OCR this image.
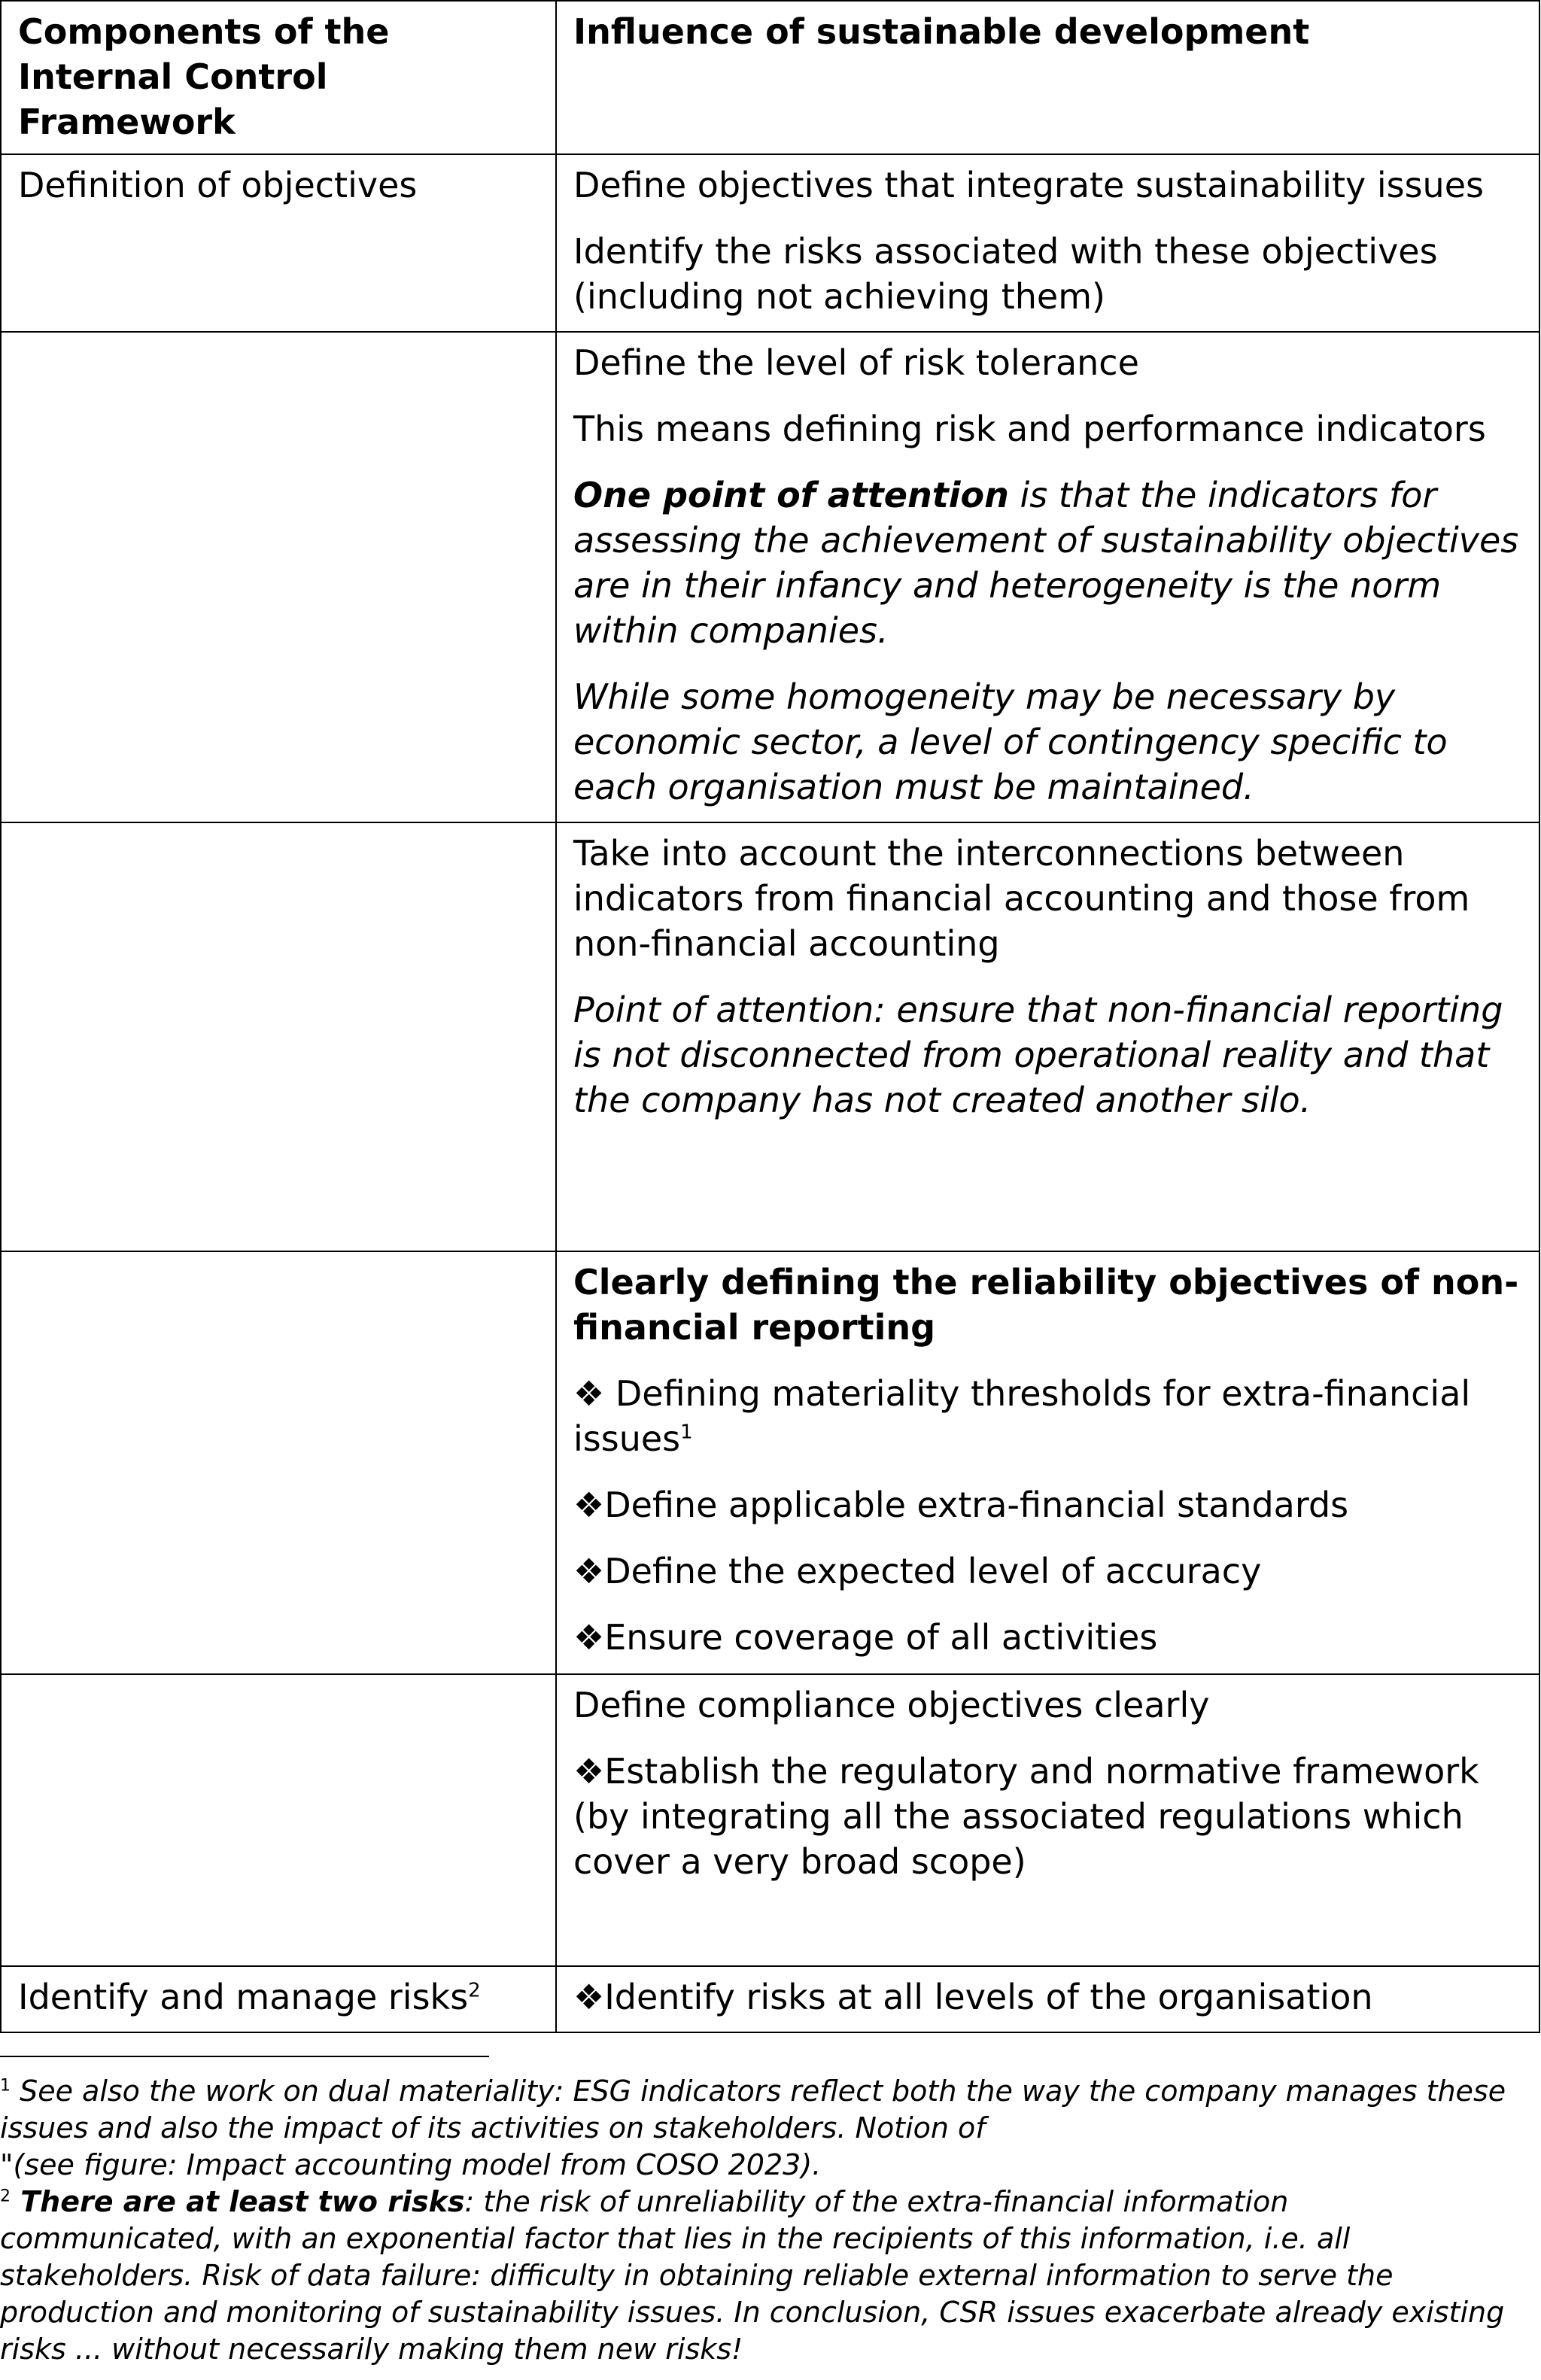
Components of the Internal Control Framework	Influence of sustainable development
Definition of objectives	Define objectives that integrate sustainability issues

Identify the risks associated with these objectives (including not achieving them)

	Define the level of risk tolerance

This means defining risk and performance indicators

One point of attention is that the indicators for assessing the achievement of sustainability objectives are in their infancy and heterogeneity is the norm within companies.

While some homogeneity may be necessary by economic sector, a level of contingency specific to each organisation must be maintained.

	Take into account the interconnections between indicators from financial accounting and those from non-financial accounting

Point of attention: ensure that non-financial reporting is not disconnected from operational reality and that the company has not created another silo.

	Clearly defining the reliability objectives of non-financial reporting

❖ Defining materiality thresholds for extra-financial issues$^1$

❖Define applicable extra-financial standards

❖Define the expected level of accuracy

❖Ensure coverage of all activities

	Define compliance objectives clearly

❖Establish the regulatory and normative framework (by integrating all the associated regulations which cover a very broad scope)

Identify and manage risks$^2$	❖Identify risks at all levels of the organisation

$^1$ See also the work on dual materiality: ESG indicators reflect both the way the company manages these issues and also the impact of its activities on stakeholders. Notion of

"(see figure: Impact accounting model from COSO 2023).

$^2$ There are at least two risks: the risk of unreliability of the extra-financial information communicated, with an exponential factor that lies in the recipients of this information, i.e. all stakeholders. Risk of data failure: difficulty in obtaining reliable external information to serve the production and monitoring of sustainability issues. In conclusion, CSR issues exacerbate already existing risks ... without necessarily making them new risks!
